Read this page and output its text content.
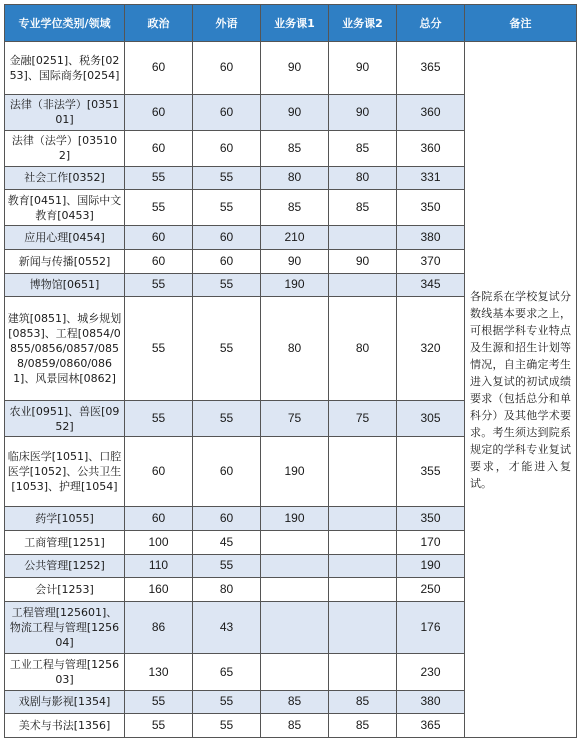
专业学位类别/领域	政治	外语	业务课1	业务课2	总分	备注
金融[0251]、税务[0253]、国际商务[0254]	60	60	90	90	365	各院系在学校复试分数线基本要求之上，可根据学科专业特点及生源和招生计划等情况，自主确定考生进入复试的初试成绩要求（包括总分和单科分）及其他学术要求。考生须达到院系规定的学科专业复试要求，才能进入复试。
法律（非法学）[035101]	60	60	90	90	360	
法律（法学）[035102]	60	60	85	85	360	
社会工作[0352]	55	55	80	80	331	
教育[0451]、国际中文教育[0453]	55	55	85	85	350	
应用心理[0454]	60	60	210		380	
新闻与传播[0552]	60	60	90	90	370	
博物馆[0651]	55	55	190		345	
建筑[0851]、城乡规划[0853]、工程[0854/0855/0856/0857/0858/0859/0860/0861]、风景园林[0862]	55	55	80	80	320	
农业[0951]、兽医[0952]	55	55	75	75	305	
临床医学[1051]、口腔医学[1052]、公共卫生[1053]、护理[1054]	60	60	190		355	
药学[1055]	60	60	190		350	
工商管理[1251]	100	45			170	
公共管理[1252]	110	55			190	
会计[1253]	160	80			250	
工程管理[125601]、物流工程与管理[125604]	86	43			176	
工业工程与管理[125603]	130	65			230	
戏剧与影视[1354]	55	55	85	85	380	
美术与书法[1356]	55	55	85	85	365	
